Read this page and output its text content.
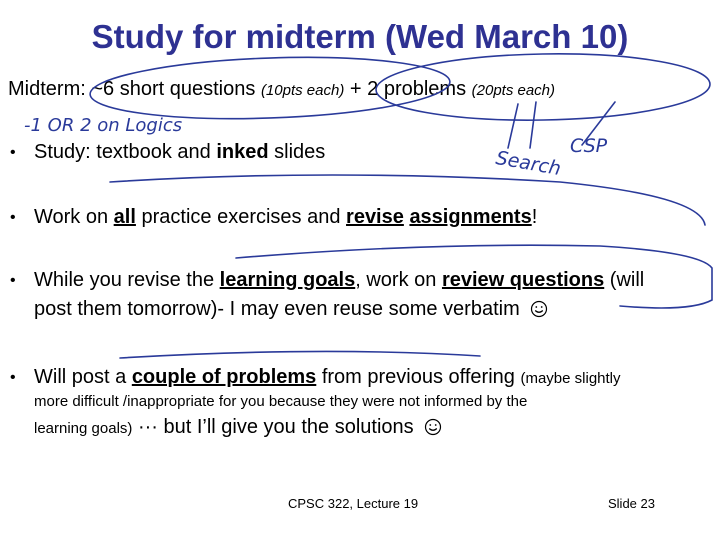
Study for midterm (Wed March 10)
Midterm: ~6 short questions (10pts each) + 2 problems (20pts each)
• Study: textbook and inked slides
• Work on all practice exercises and revise assignments!
• While you revise the learning goals, work on review questions (will
post them tomorrow)- I may even reuse some verbatim
• Will post a couple of problems from previous offering (maybe slightly
more difficult /inappropriate for you because they were not informed by the
learning goals) ··· but I’ll give you the solutions
CPSC 322, Lecture 19	Slide 23
-1 OR 2 on Logics
Search
CSP
